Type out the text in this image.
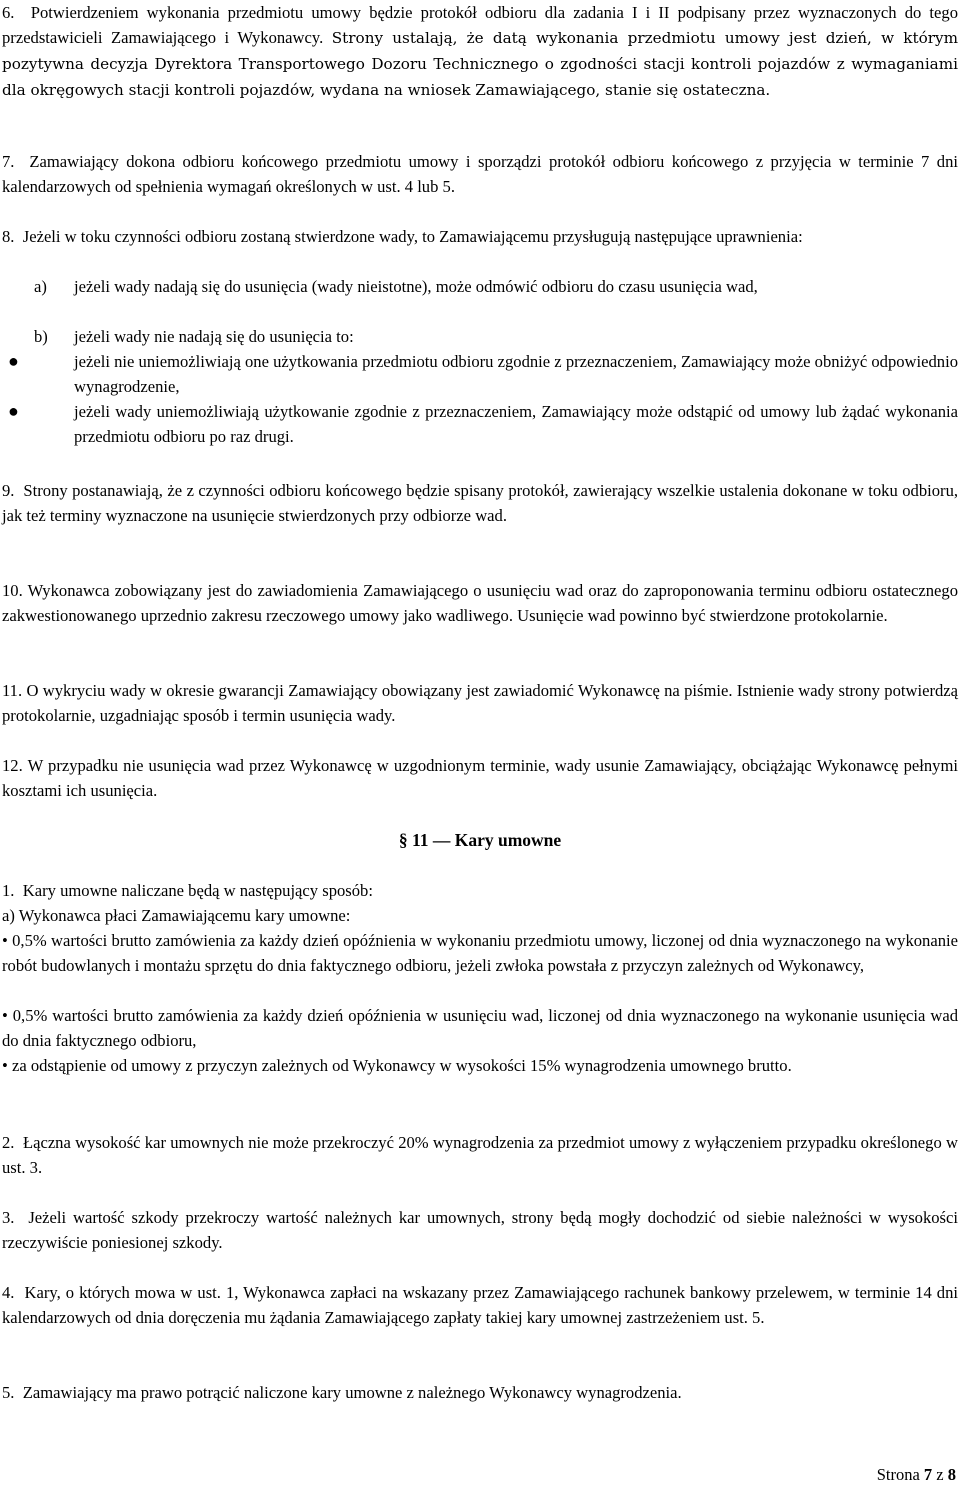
6. Potwierdzeniem wykonania przedmiotu umowy będzie protokół odbioru dla zadania I i II podpisany przez wyznaczonych do tego przedstawicieli Zamawiającego i Wykonawcy. Strony ustalają, że datą wykonania przedmiotu umowy jest dzień, w którym pozytywna decyzja Dyrektora Transportowego Dozoru Technicznego o zgodności stacji kontroli pojazdów z wymaganiami dla okręgowych stacji kontroli pojazdów, wydana na wniosek Zamawiającego, stanie się ostateczna.

7. Zamawiający dokona odbioru końcowego przedmiotu umowy i sporządzi protokół odbioru końcowego z przyjęcia w terminie 7 dni kalendarzowych od spełnienia wymagań określonych w ust. 4 lub 5.

8. Jeżeli w toku czynności odbioru zostaną stwierdzone wady, to Zamawiającemu przysługują następujące uprawnienia:

a) jeżeli wady nadają się do usunięcia (wady nieistotne), może odmówić odbioru do czasu usunięcia wad,

b) jeżeli wady nie nadają się do usunięcia to:

●	jeżeli nie uniemożliwiają one użytkowania przedmiotu odbioru zgodnie z przeznaczeniem, Zamawiający może obniżyć odpowiednio wynagrodzenie,

●	jeżeli wady uniemożliwiają użytkowanie zgodnie z przeznaczeniem, Zamawiający może odstąpić od umowy lub żądać wykonania przedmiotu odbioru po raz drugi.

9. Strony postanawiają, że z czynności odbioru końcowego będzie spisany protokół, zawierający wszelkie ustalenia dokonane w toku odbioru, jak też terminy wyznaczone na usunięcie stwierdzonych przy odbiorze wad.

10. Wykonawca zobowiązany jest do zawiadomienia Zamawiającego o usunięciu wad oraz do zaproponowania terminu odbioru ostatecznego zakwestionowanego uprzednio zakresu rzeczowego umowy jako wadliwego. Usunięcie wad powinno być stwierdzone protokolarnie.

11. O wykryciu wady w okresie gwarancji Zamawiający obowiązany jest zawiadomić Wykonawcę na piśmie. Istnienie wady strony potwierdzą protokolarnie, uzgadniając sposób i termin usunięcia wady.

12. W przypadku nie usunięcia wad przez Wykonawcę w uzgodnionym terminie, wady usunie Zamawiający, obciążając Wykonawcę pełnymi kosztami ich usunięcia.

§ 11 — Kary umowne

1. Kary umowne naliczane będą w następujący sposób:

a) Wykonawca płaci Zamawiającemu kary umowne:

• 0,5% wartości brutto zamówienia za każdy dzień opóźnienia w wykonaniu przedmiotu umowy, liczonej od dnia wyznaczonego na wykonanie robót budowlanych i montażu sprzętu do dnia faktycznego odbioru, jeżeli zwłoka powstała z przyczyn zależnych od Wykonawcy,

• 0,5% wartości brutto zamówienia za każdy dzień opóźnienia w usunięciu wad, liczonej od dnia wyznaczonego na wykonanie usunięcia wad do dnia faktycznego odbioru,

• za odstąpienie od umowy z przyczyn zależnych od Wykonawcy w wysokości 15% wynagrodzenia umownego brutto.

2. Łączna wysokość kar umownych nie może przekroczyć 20% wynagrodzenia za przedmiot umowy z wyłączeniem przypadku określonego w ust. 3.

3. Jeżeli wartość szkody przekroczy wartość należnych kar umownych, strony będą mogły dochodzić od siebie należności w wysokości rzeczywiście poniesionej szkody.

4. Kary, o których mowa w ust. 1, Wykonawca zapłaci na wskazany przez Zamawiającego rachunek bankowy przelewem, w terminie 14 dni kalendarzowych od dnia doręczenia mu żądania Zamawiającego zapłaty takiej kary umownej zastrzeżeniem ust. 5.

5. Zamawiający ma prawo potrącić naliczone kary umowne z należnego Wykonawcy wynagrodzenia.

Strona 7 z 8
